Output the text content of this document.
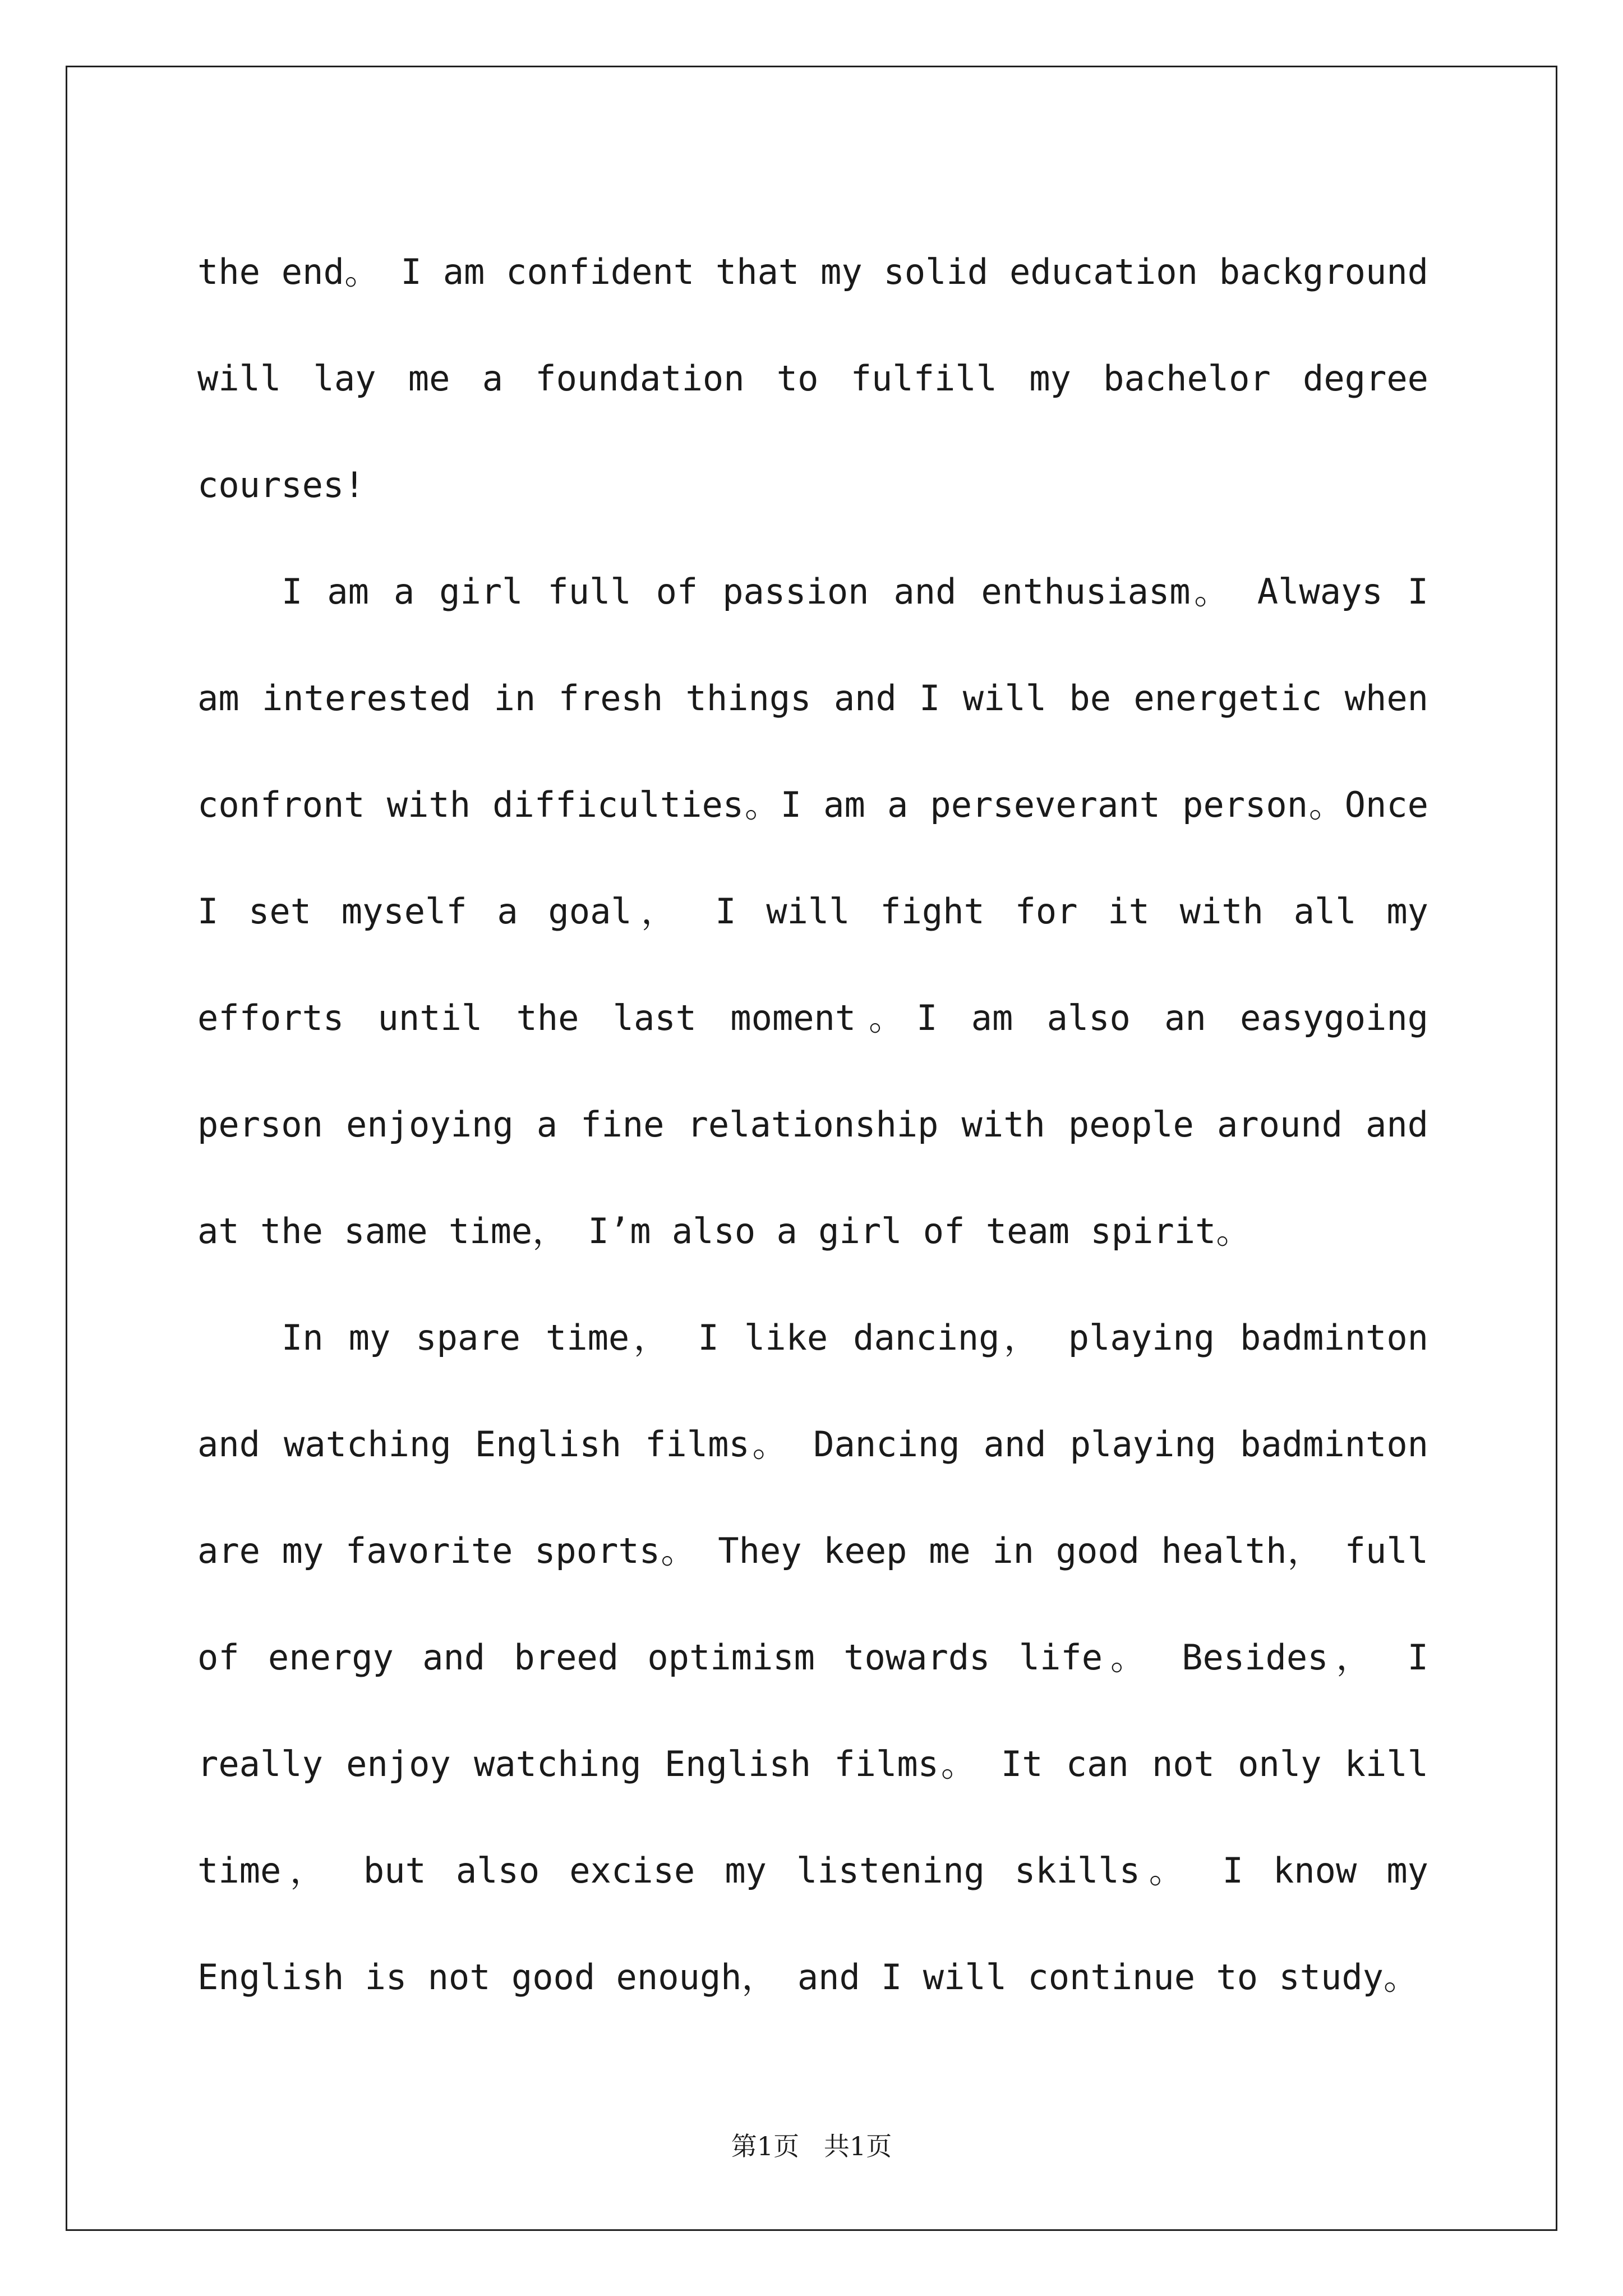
the end。 I am confident that my solid education background will lay me a foundation to fulfill my bachelor degree courses!

I am a girl full of passion and enthusiasm。 Always I am interested in fresh things and I will be energetic when confront with difficulties。I am a perseverant person。Once I set myself a goal， I will fight for it with all my efforts until the last moment。I am also an easygoing person enjoying a fine relationship with people around and at the same time， I’m also a girl of team spirit。

In my spare time， I like dancing， playing badminton and watching English films。 Dancing and playing badminton are my favorite sports。 They keep me in good health， full of energy and breed optimism towards life。 Besides， I really enjoy watching English films。 It can not only kill time， but also excise my listening skills。 I know my English is not good enough， and I will continue to study。

第1页   共1页
